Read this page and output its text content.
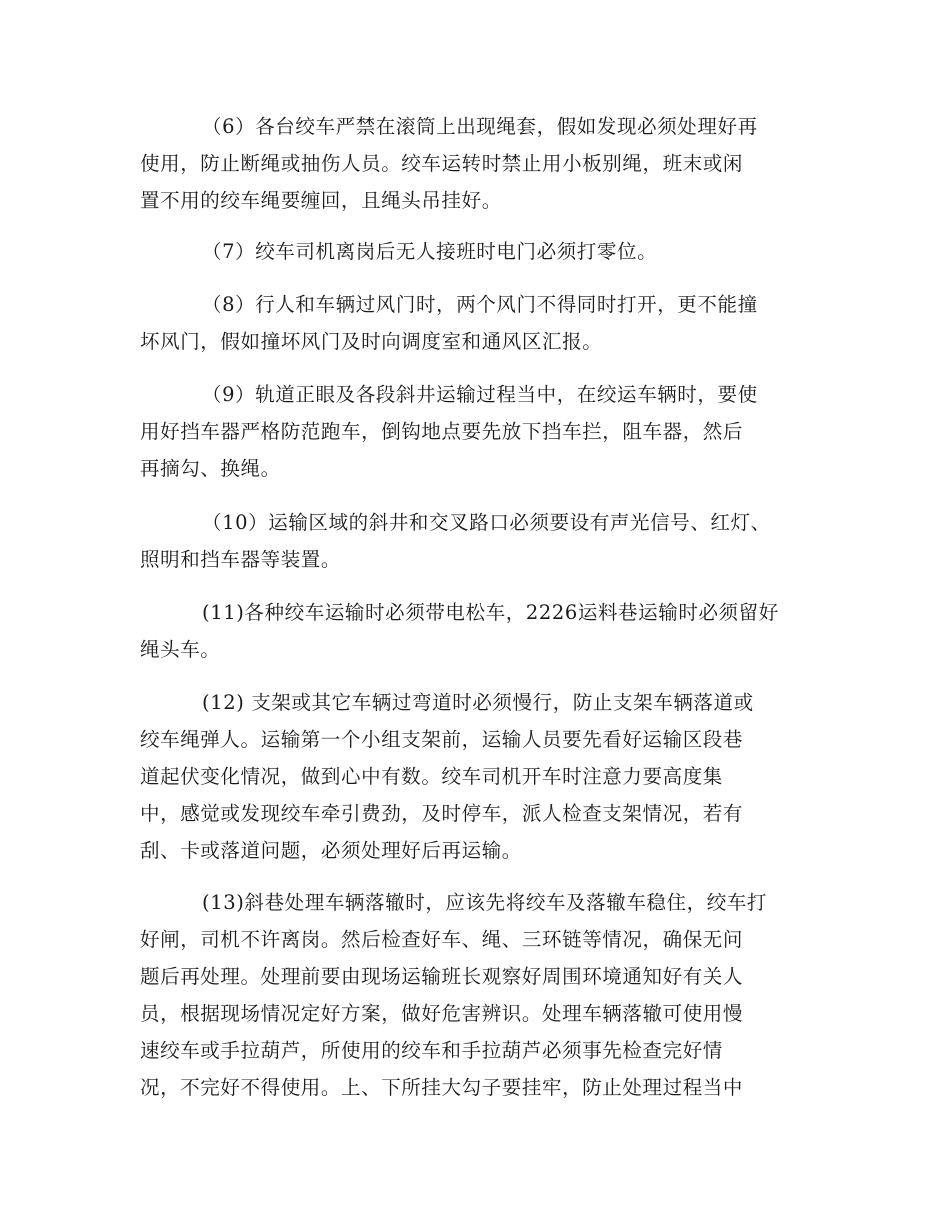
（6）各台绞车严禁在滚筒上出现绳套，假如发现必须处理好再
使用，防止断绳或抽伤人员。绞车运转时禁止用小板别绳，班末或闲
置不用的绞车绳要缠回，且绳头吊挂好。
（7）绞车司机离岗后无人接班时电门必须打零位。
（8）行人和车辆过风门时，两个风门不得同时打开，更不能撞
坏风门，假如撞坏风门及时向调度室和通风区汇报。
（9）轨道正眼及各段斜井运输过程当中，在绞运车辆时，要使
用好挡车器严格防范跑车，倒钩地点要先放下挡车拦，阻车器，然后
再摘勾、换绳。
（10）运输区域的斜井和交叉路口必须要设有声光信号、红灯、
照明和挡车器等装置。
(11)各种绞车运输时必须带电松车，2226运料巷运输时必须留好
绳头车。
(12) 支架或其它车辆过弯道时必须慢行，防止支架车辆落道或
绞车绳弹人。运输第一个小组支架前，运输人员要先看好运输区段巷
道起伏变化情况，做到心中有数。绞车司机开车时注意力要高度集
中，感觉或发现绞车牵引费劲，及时停车，派人检查支架情况，若有
刮、卡或落道问题，必须处理好后再运输。
(13)斜巷处理车辆落辙时，应该先将绞车及落辙车稳住，绞车打
好闸，司机不许离岗。然后检查好车、绳、三环链等情况，确保无问
题后再处理。处理前要由现场运输班长观察好周围环境通知好有关人
员，根据现场情况定好方案，做好危害辨识。处理车辆落辙可使用慢
速绞车或手拉葫芦，所使用的绞车和手拉葫芦必须事先检查完好情
况，不完好不得使用。上、下所挂大勾子要挂牢，防止处理过程当中
